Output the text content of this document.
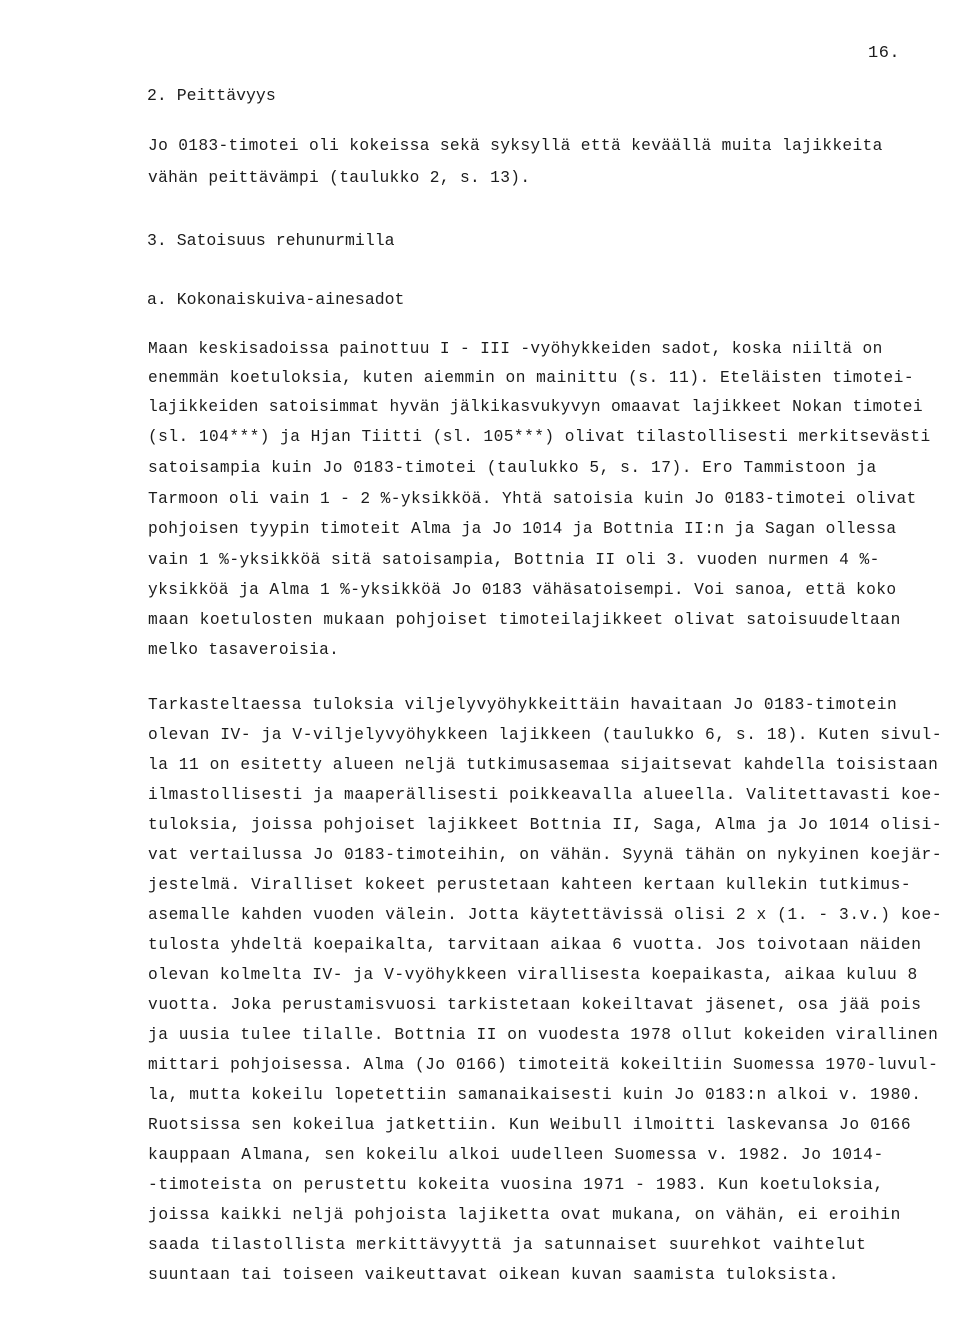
16.
2. Peittävyys
Jo 0183-timotei oli kokeissa sekä syksyllä että keväällä muita lajikkeita
vähän peittävämpi (taulukko 2, s. 13).
3. Satoisuus rehunurmilla
a. Kokonaiskuiva-ainesadot
Maan keskisadoissa painottuu I - III -vyöhykkeiden sadot, koska niiltä on
enemmän koetuloksia, kuten aiemmin on mainittu (s. 11). Eteläisten timotei-
lajikkeiden satoisimmat hyvän jälkikasvukyvyn omaavat lajikkeet Nokan timotei
(sl. 104***) ja Hjan Tiitti (sl. 105***) olivat tilastollisesti merkitsevästi
satoisampia kuin Jo 0183-timotei (taulukko 5, s. 17). Ero Tammistoon ja
Tarmoon oli vain 1 - 2 %-yksikköä. Yhtä satoisia kuin Jo 0183-timotei olivat
pohjoisen tyypin timoteit Alma ja Jo 1014 ja Bottnia II:n ja Sagan ollessa
vain 1 %-yksikköä sitä satoisampia, Bottnia II oli 3. vuoden nurmen 4 %-
yksikköä ja Alma 1 %-yksikköä Jo 0183 vähäsatoisempi. Voi sanoa, että koko
maan koetulosten mukaan pohjoiset timoteilajikkeet olivat satoisuudeltaan
melko tasaveroisia.
Tarkasteltaessa tuloksia viljelyvyöhykkeittäin havaitaan Jo 0183-timotein
olevan IV- ja V-viljelyvyöhykkeen lajikkeen (taulukko 6, s. 18). Kuten sivul-
la 11 on esitetty alueen neljä tutkimusasemaa sijaitsevat kahdella toisistaan
ilmastollisesti ja maaperällisesti poikkeavalla alueella. Valitettavasti koe-
tuloksia, joissa pohjoiset lajikkeet Bottnia II, Saga, Alma ja Jo 1014 olisi-
vat vertailussa Jo 0183-timoteihin, on vähän. Syynä tähän on nykyinen koejär-
jestelmä. Viralliset kokeet perustetaan kahteen kertaan kullekin tutkimus-
asemalle kahden vuoden välein. Jotta käytettävissä olisi 2 x (1. - 3.v.) koe-
tulosta yhdeltä koepaikalta, tarvitaan aikaa 6 vuotta. Jos toivotaan näiden
olevan kolmelta IV- ja V-vyöhykkeen virallisesta koepaikasta, aikaa kuluu 8
vuotta. Joka perustamisvuosi tarkistetaan kokeiltavat jäsenet, osa jää pois
ja uusia tulee tilalle. Bottnia II on vuodesta 1978 ollut kokeiden virallinen
mittari pohjoisessa. Alma (Jo 0166) timoteitä kokeiltiin Suomessa 1970-luvul-
la, mutta kokeilu lopetettiin samanaikaisesti kuin Jo 0183:n alkoi v. 1980.
Ruotsissa sen kokeilua jatkettiin. Kun Weibull ilmoitti laskevansa Jo 0166
kauppaan Almana, sen kokeilu alkoi uudelleen Suomessa v. 1982. Jo 1014-
-timoteista on perustettu kokeita vuosina 1971 - 1983. Kun koetuloksia,
joissa kaikki neljä pohjoista lajiketta ovat mukana, on vähän, ei eroihin
saada tilastollista merkittävyyttä ja satunnaiset suurehkot vaihtelut
suuntaan tai toiseen vaikeuttavat oikean kuvan saamista tuloksista.
